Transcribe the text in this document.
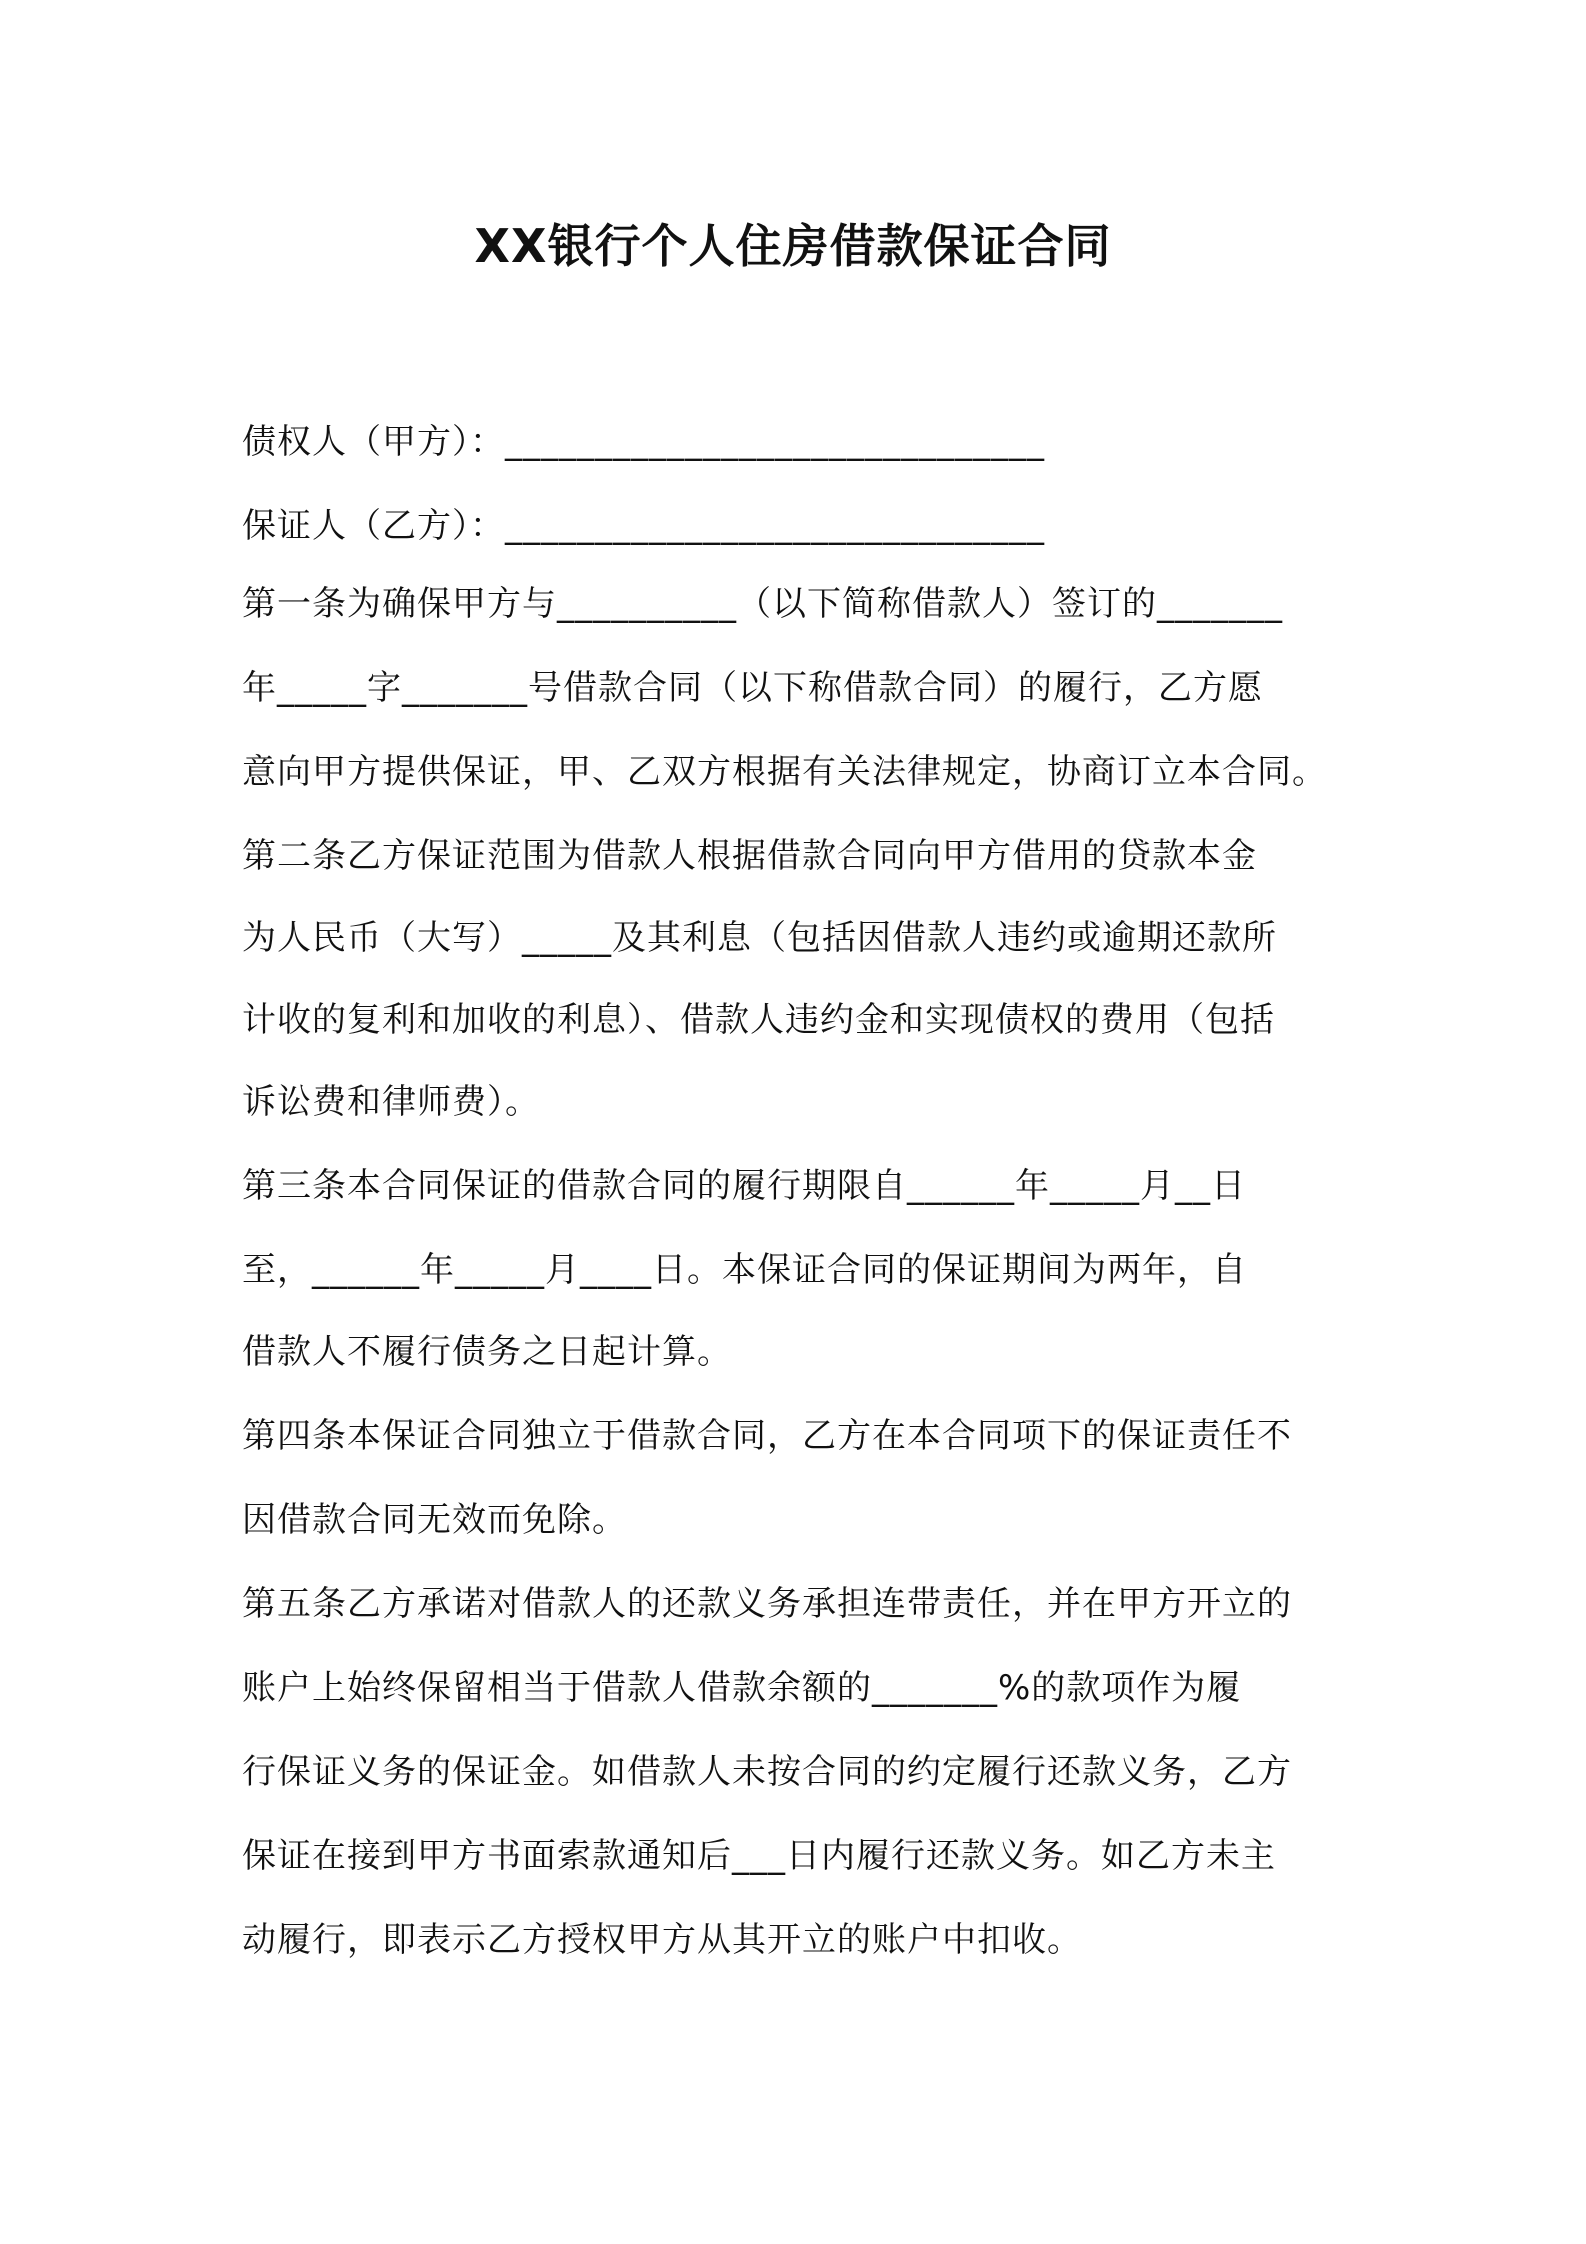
XX银行个人住房借款保证合同
债权人（甲方）：______________________________
保证人（乙方）：______________________________
第一条为确保甲方与__________（以下简称借款人）签订的_______
年_____字_______号借款合同（以下称借款合同）的履行，乙方愿
意向甲方提供保证，甲、乙双方根据有关法律规定，协商订立本合同。
第二条乙方保证范围为借款人根据借款合同向甲方借用的贷款本金
为人民币（大写）_____及其利息（包括因借款人违约或逾期还款所
计收的复利和加收的利息）、借款人违约金和实现债权的费用（包括
诉讼费和律师费）。
第三条本合同保证的借款合同的履行期限自______年_____月__日
至，______年_____月____日。本保证合同的保证期间为两年，自
借款人不履行债务之日起计算。
第四条本保证合同独立于借款合同，乙方在本合同项下的保证责任不
因借款合同无效而免除。
第五条乙方承诺对借款人的还款义务承担连带责任，并在甲方开立的
账户上始终保留相当于借款人借款余额的_______%的款项作为履
行保证义务的保证金。如借款人未按合同的约定履行还款义务，乙方
保证在接到甲方书面索款通知后___日内履行还款义务。如乙方未主
动履行，即表示乙方授权甲方从其开立的账户中扣收。
